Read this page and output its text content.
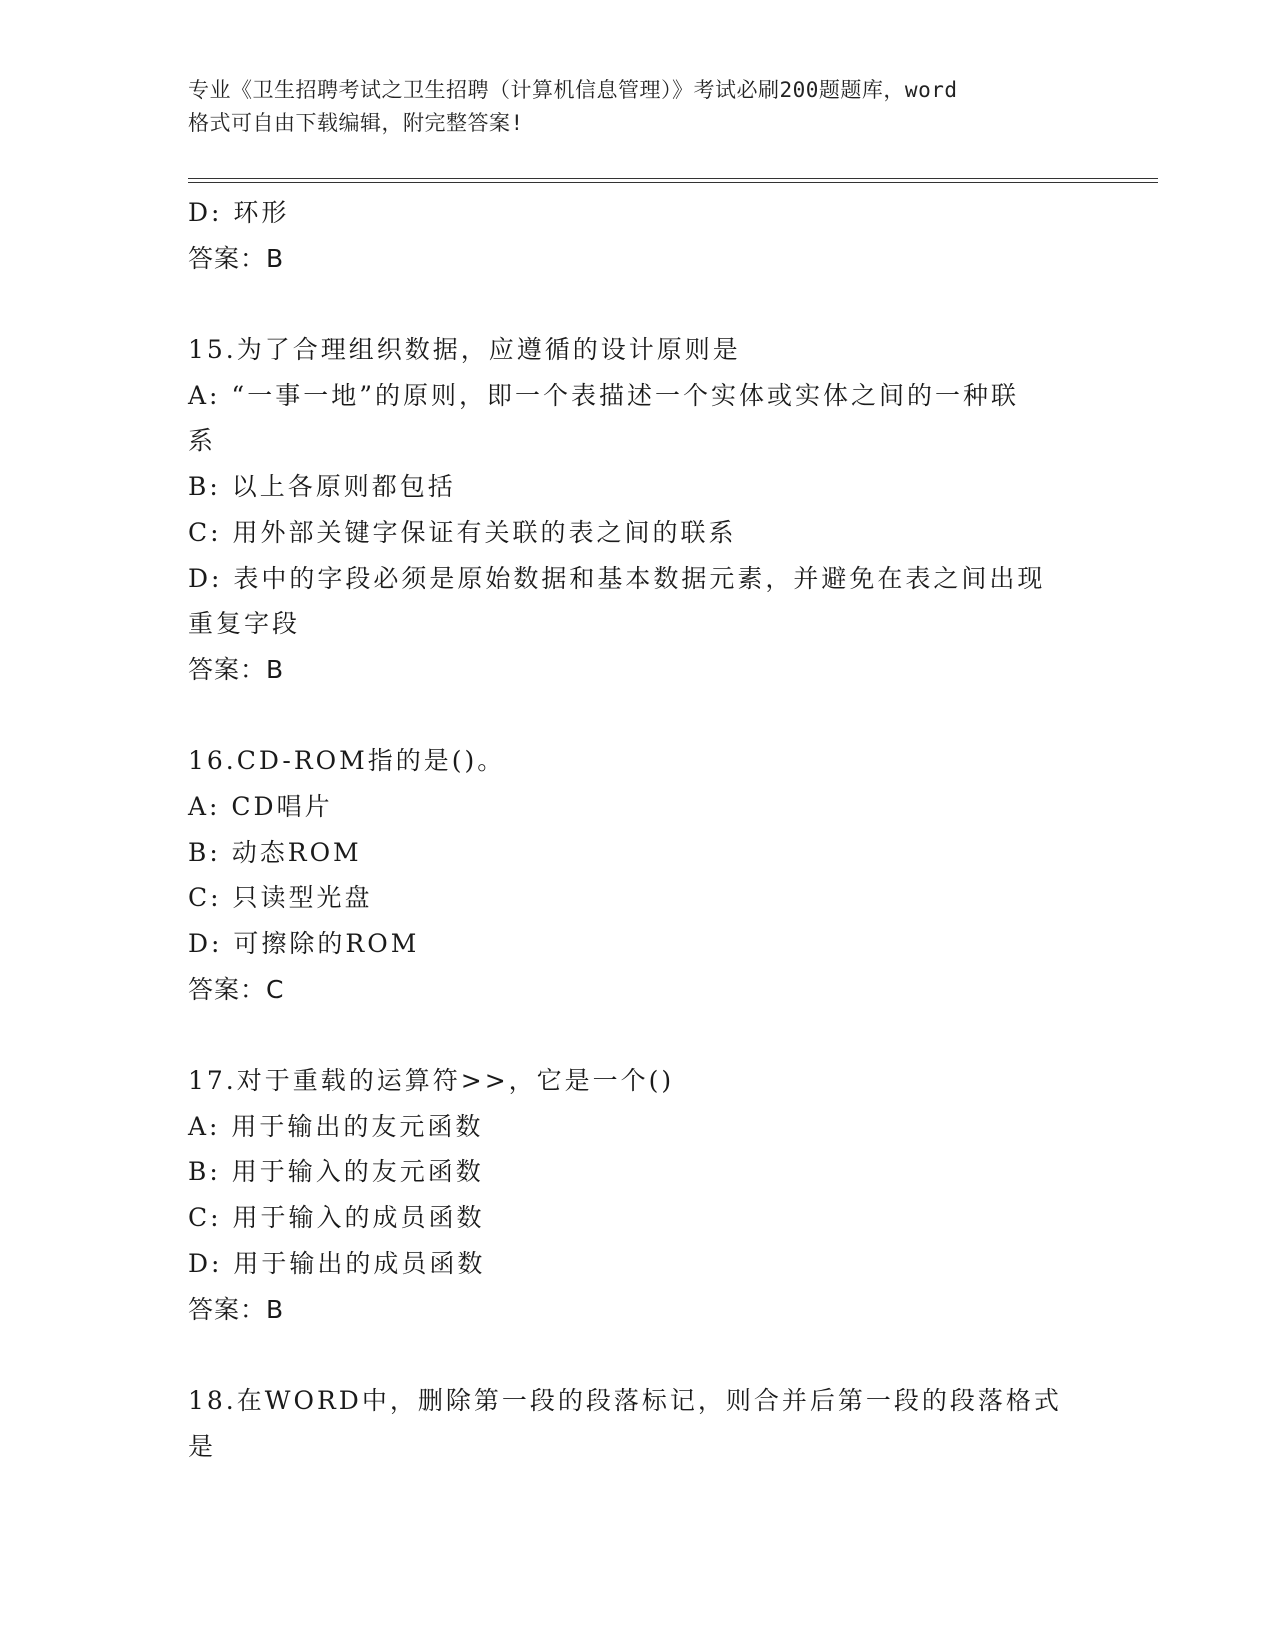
专业《卫生招聘考试之卫生招聘（计算机信息管理）》考试必刷200题题库，word
格式可自由下载编辑，附完整答案!
D: 环形
答案：B
15.为了合理组织数据，应遵循的设计原则是
A: “一事一地”的原则，即一个表描述一个实体或实体之间的一种联
系
B: 以上各原则都包括
C: 用外部关键字保证有关联的表之间的联系
D: 表中的字段必须是原始数据和基本数据元素，并避免在表之间出现
重复字段
答案：B
16.CD-ROM指的是()。
A: CD唱片
B: 动态ROM
C: 只读型光盘
D: 可擦除的ROM
答案：C
17.对于重载的运算符>>，它是一个()
A: 用于输出的友元函数
B: 用于输入的友元函数
C: 用于输入的成员函数
D: 用于输出的成员函数
答案：B
18.在WORD中，删除第一段的段落标记，则合并后第一段的段落格式
是
